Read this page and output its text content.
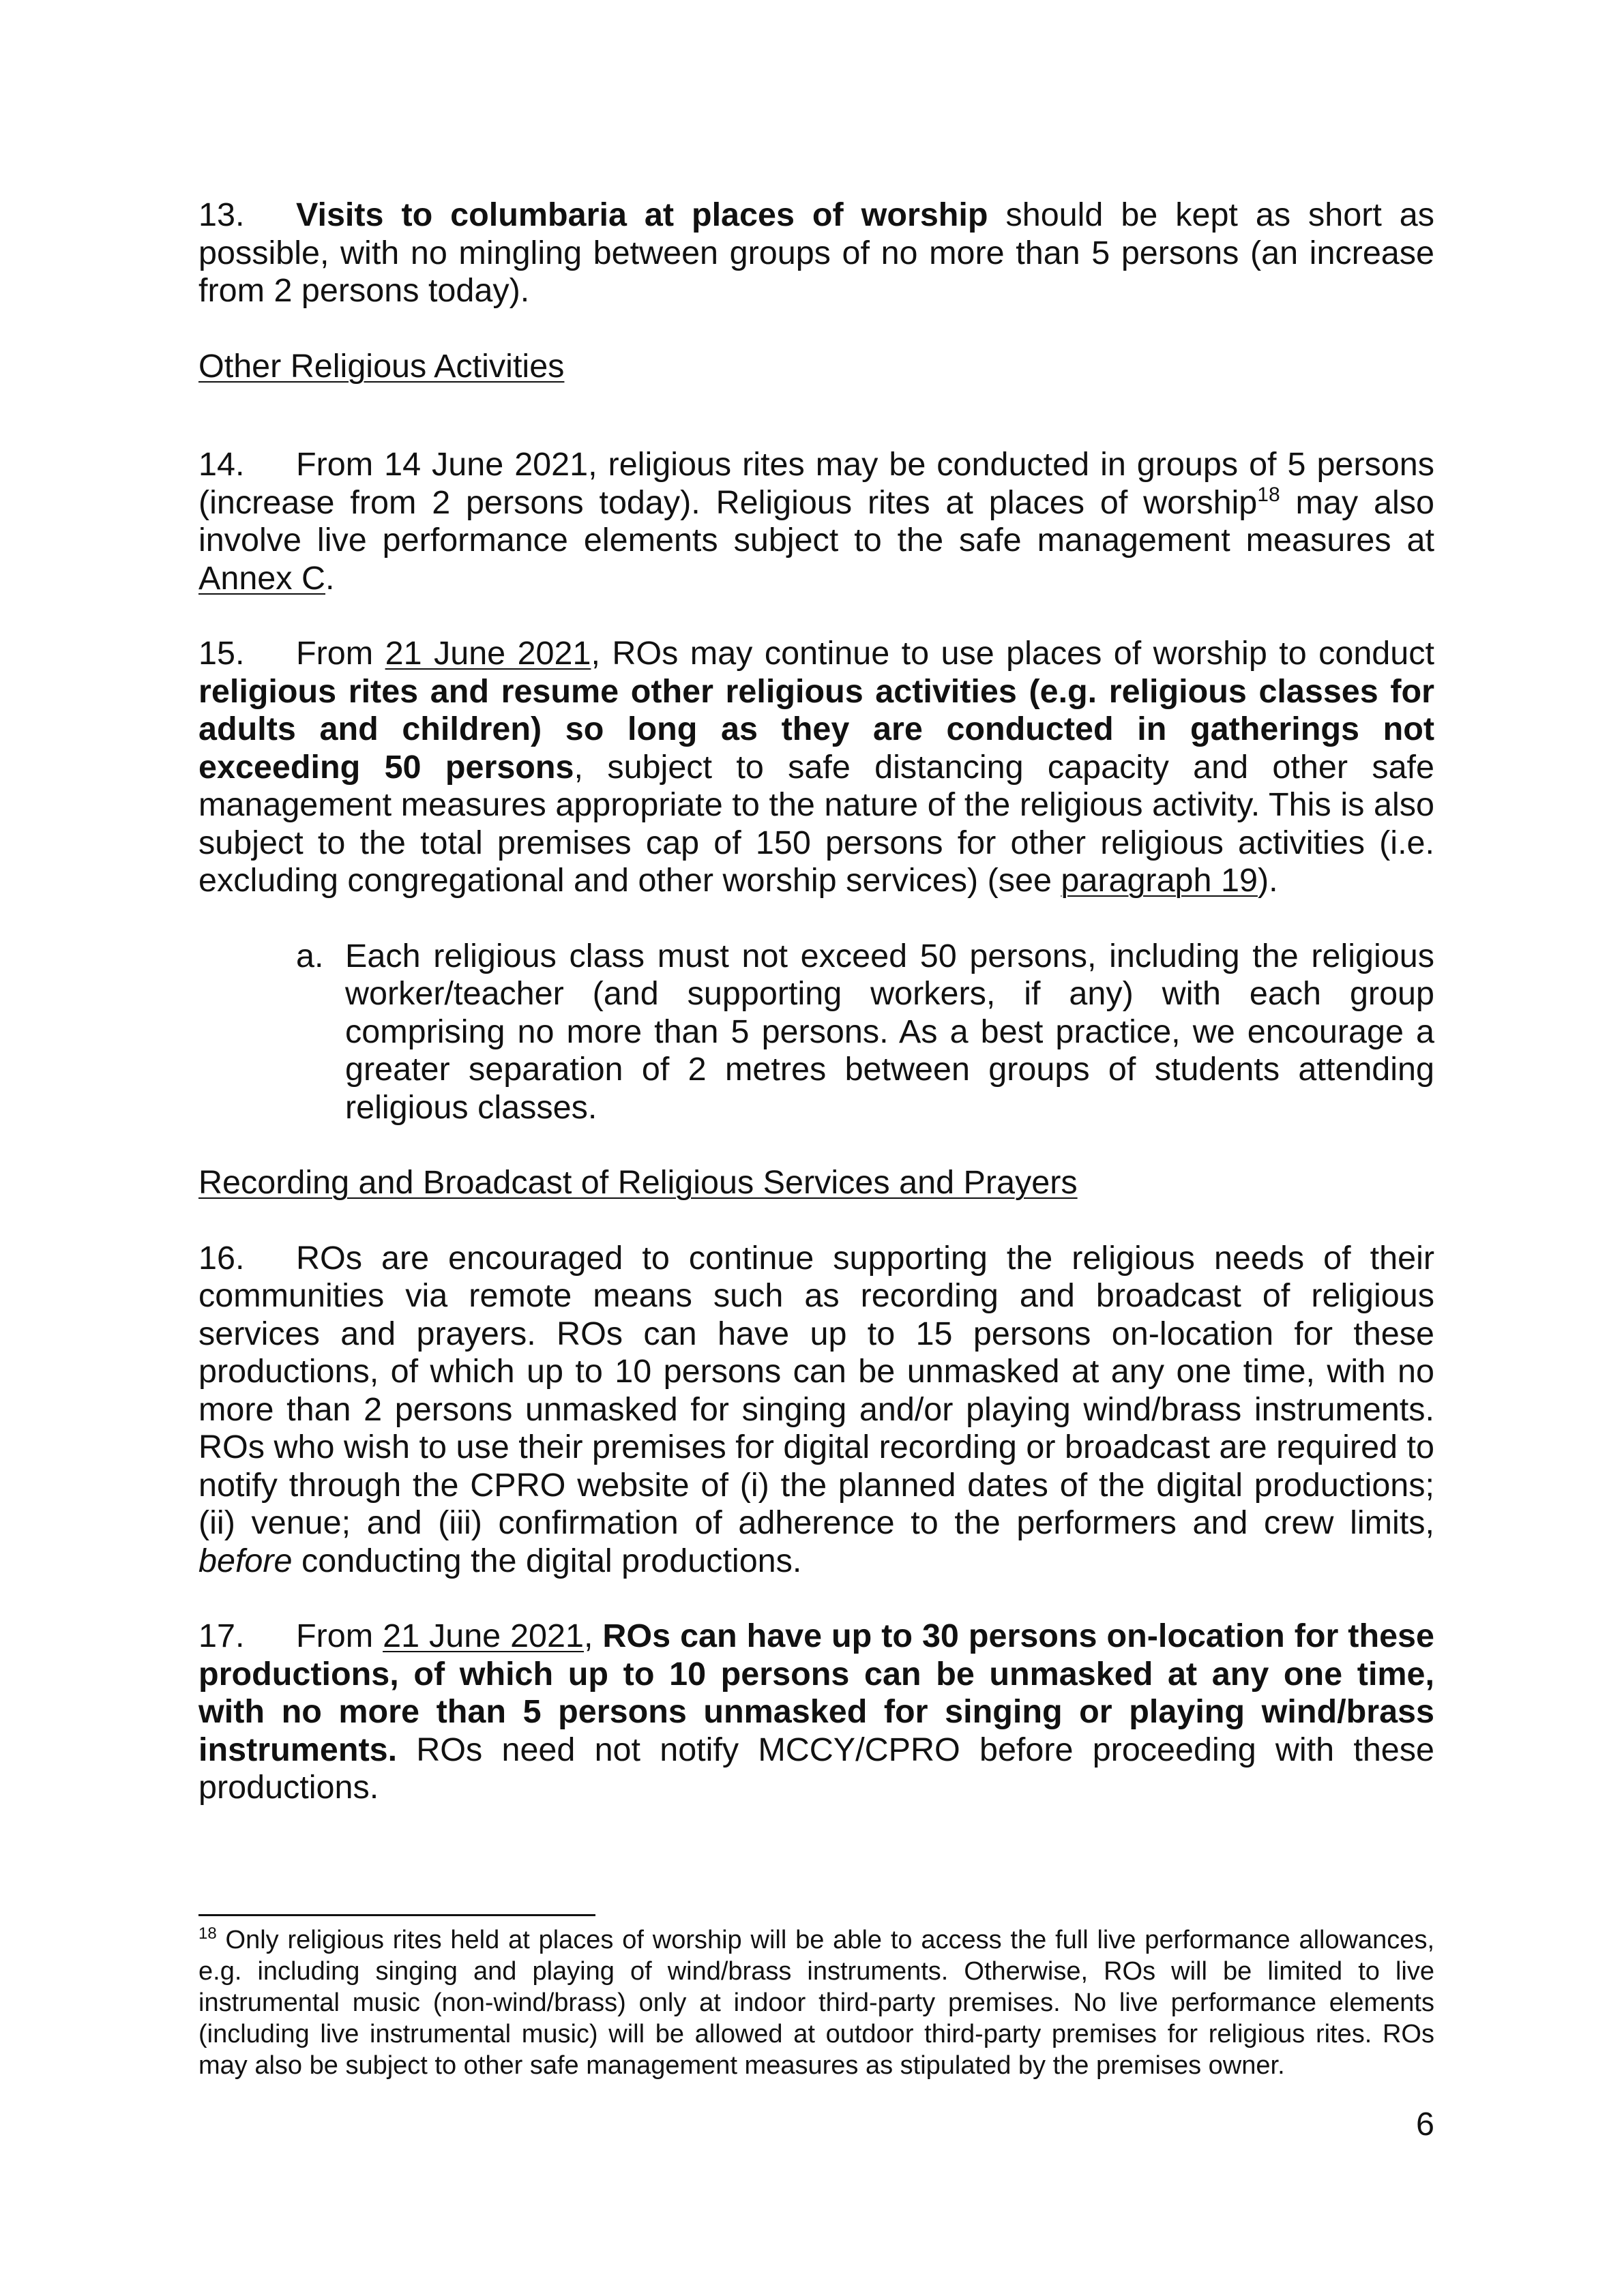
13. Visits to columbaria at places of worship should be kept as short as possible, with no mingling between groups of no more than 5 persons (an increase from 2 persons today).

Other Religious Activities

14. From 14 June 2021, religious rites may be conducted in groups of 5 persons (increase from 2 persons today). Religious rites at places of worship$^{18}$ may also involve live performance elements subject to the safe management measures at Annex C.

15. From 21 June 2021, ROs may continue to use places of worship to conduct religious rites and resume other religious activities (e.g. religious classes for adults and children) so long as they are conducted in gatherings not exceeding 50 persons, subject to safe distancing capacity and other safe management measures appropriate to the nature of the religious activity. This is also subject to the total premises cap of 150 persons for other religious activities (i.e. excluding congregational and other worship services) (see paragraph 19).

a. Each religious class must not exceed 50 persons, including the religious worker/teacher (and supporting workers, if any) with each group comprising no more than 5 persons. As a best practice, we encourage a greater separation of 2 metres between groups of students attending religious classes.

Recording and Broadcast of Religious Services and Prayers

16. ROs are encouraged to continue supporting the religious needs of their communities via remote means such as recording and broadcast of religious services and prayers. ROs can have up to 15 persons on-location for these productions, of which up to 10 persons can be unmasked at any one time, with no more than 2 persons unmasked for singing and/or playing wind/brass instruments. ROs who wish to use their premises for digital recording or broadcast are required to notify through the CPRO website of (i) the planned dates of the digital productions; (ii) venue; and (iii) confirmation of adherence to the performers and crew limits, before conducting the digital productions.

17. From 21 June 2021, ROs can have up to 30 persons on-location for these productions, of which up to 10 persons can be unmasked at any one time, with no more than 5 persons unmasked for singing or playing wind/brass instruments. ROs need not notify MCCY/CPRO before proceeding with these productions.

$^{18}$ Only religious rites held at places of worship will be able to access the full live performance allowances, e.g. including singing and playing of wind/brass instruments. Otherwise, ROs will be limited to live instrumental music (non-wind/brass) only at indoor third-party premises. No live performance elements (including live instrumental music) will be allowed at outdoor third-party premises for religious rites. ROs may also be subject to other safe management measures as stipulated by the premises owner.
6
